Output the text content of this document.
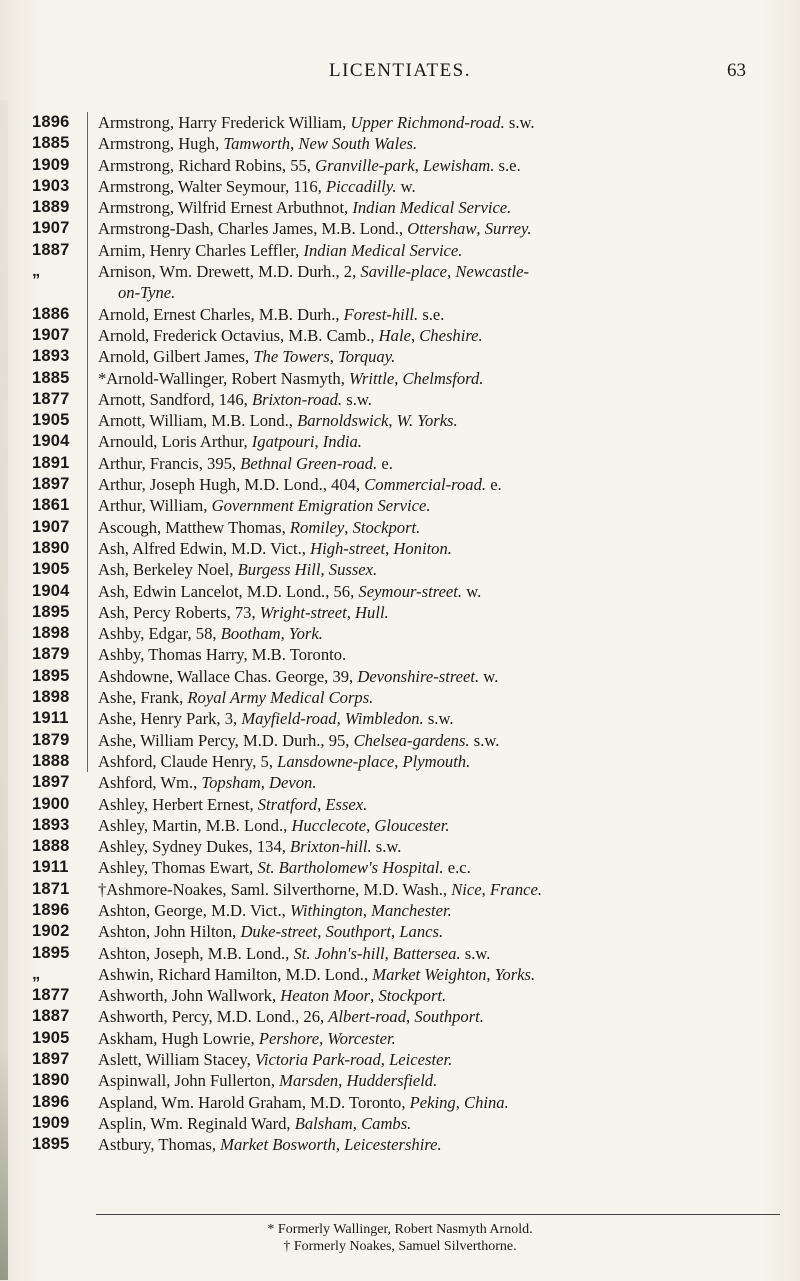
LICENTIATES.	63
1896	Armstrong, Harry Frederick William, Upper Richmond-road. s.w.
1885	Armstrong, Hugh, Tamworth, New South Wales.
1909	Armstrong, Richard Robins, 55, Granville-park, Lewisham. s.e.
1903	Armstrong, Walter Seymour, 116, Piccadilly. w.
1889	Armstrong, Wilfrid Ernest Arbuthnot, Indian Medical Service.
1907	Armstrong-Dash, Charles James, M.B. Lond., Ottershaw, Surrey.
1887	Arnim, Henry Charles Leffler, Indian Medical Service.
„	Arnison, Wm. Drewett, M.D. Durh., 2, Saville-place, Newcastle-
on-Tyne.
1886	Arnold, Ernest Charles, M.B. Durh., Forest-hill. s.e.
1907	Arnold, Frederick Octavius, M.B. Camb., Hale, Cheshire.
1893	Arnold, Gilbert James, The Towers, Torquay.
1885	*Arnold-Wallinger, Robert Nasmyth, Writtle, Chelmsford.
1877	Arnott, Sandford, 146, Brixton-road. s.w.
1905	Arnott, William, M.B. Lond., Barnoldswick, W. Yorks.
1904	Arnould, Loris Arthur, Igatpouri, India.
1891	Arthur, Francis, 395, Bethnal Green-road. e.
1897	Arthur, Joseph Hugh, M.D. Lond., 404, Commercial-road. e.
1861	Arthur, William, Government Emigration Service.
1907	Ascough, Matthew Thomas, Romiley, Stockport.
1890	Ash, Alfred Edwin, M.D. Vict., High-street, Honiton.
1905	Ash, Berkeley Noel, Burgess Hill, Sussex.
1904	Ash, Edwin Lancelot, M.D. Lond., 56, Seymour-street. w.
1895	Ash, Percy Roberts, 73, Wright-street, Hull.
1898	Ashby, Edgar, 58, Bootham, York.
1879	Ashby, Thomas Harry, M.B. Toronto.
1895	Ashdowne, Wallace Chas. George, 39, Devonshire-street. w.
1898	Ashe, Frank, Royal Army Medical Corps.
1911	Ashe, Henry Park, 3, Mayfield-road, Wimbledon. s.w.
1879	Ashe, William Percy, M.D. Durh., 95, Chelsea-gardens. s.w.
1888	Ashford, Claude Henry, 5, Lansdowne-place, Plymouth.
1897	Ashford, Wm., Topsham, Devon.
1900	Ashley, Herbert Ernest, Stratford, Essex.
1893	Ashley, Martin, M.B. Lond., Hucclecote, Gloucester.
1888	Ashley, Sydney Dukes, 134, Brixton-hill. s.w.
1911	Ashley, Thomas Ewart, St. Bartholomew's Hospital. e.c.
1871	†Ashmore-Noakes, Saml. Silverthorne, M.D. Wash., Nice, France.
1896	Ashton, George, M.D. Vict., Withington, Manchester.
1902	Ashton, John Hilton, Duke-street, Southport, Lancs.
1895	Ashton, Joseph, M.B. Lond., St. John's-hill, Battersea. s.w.
„	Ashwin, Richard Hamilton, M.D. Lond., Market Weighton, Yorks.
1877	Ashworth, John Wallwork, Heaton Moor, Stockport.
1887	Ashworth, Percy, M.D. Lond., 26, Albert-road, Southport.
1905	Askham, Hugh Lowrie, Pershore, Worcester.
1897	Aslett, William Stacey, Victoria Park-road, Leicester.
1890	Aspinwall, John Fullerton, Marsden, Huddersfield.
1896	Aspland, Wm. Harold Graham, M.D. Toronto, Peking, China.
1909	Asplin, Wm. Reginald Ward, Balsham, Cambs.
1895	Astbury, Thomas, Market Bosworth, Leicestershire.
* Formerly Wallinger, Robert Nasmyth Arnold.
† Formerly Noakes, Samuel Silverthorne.
